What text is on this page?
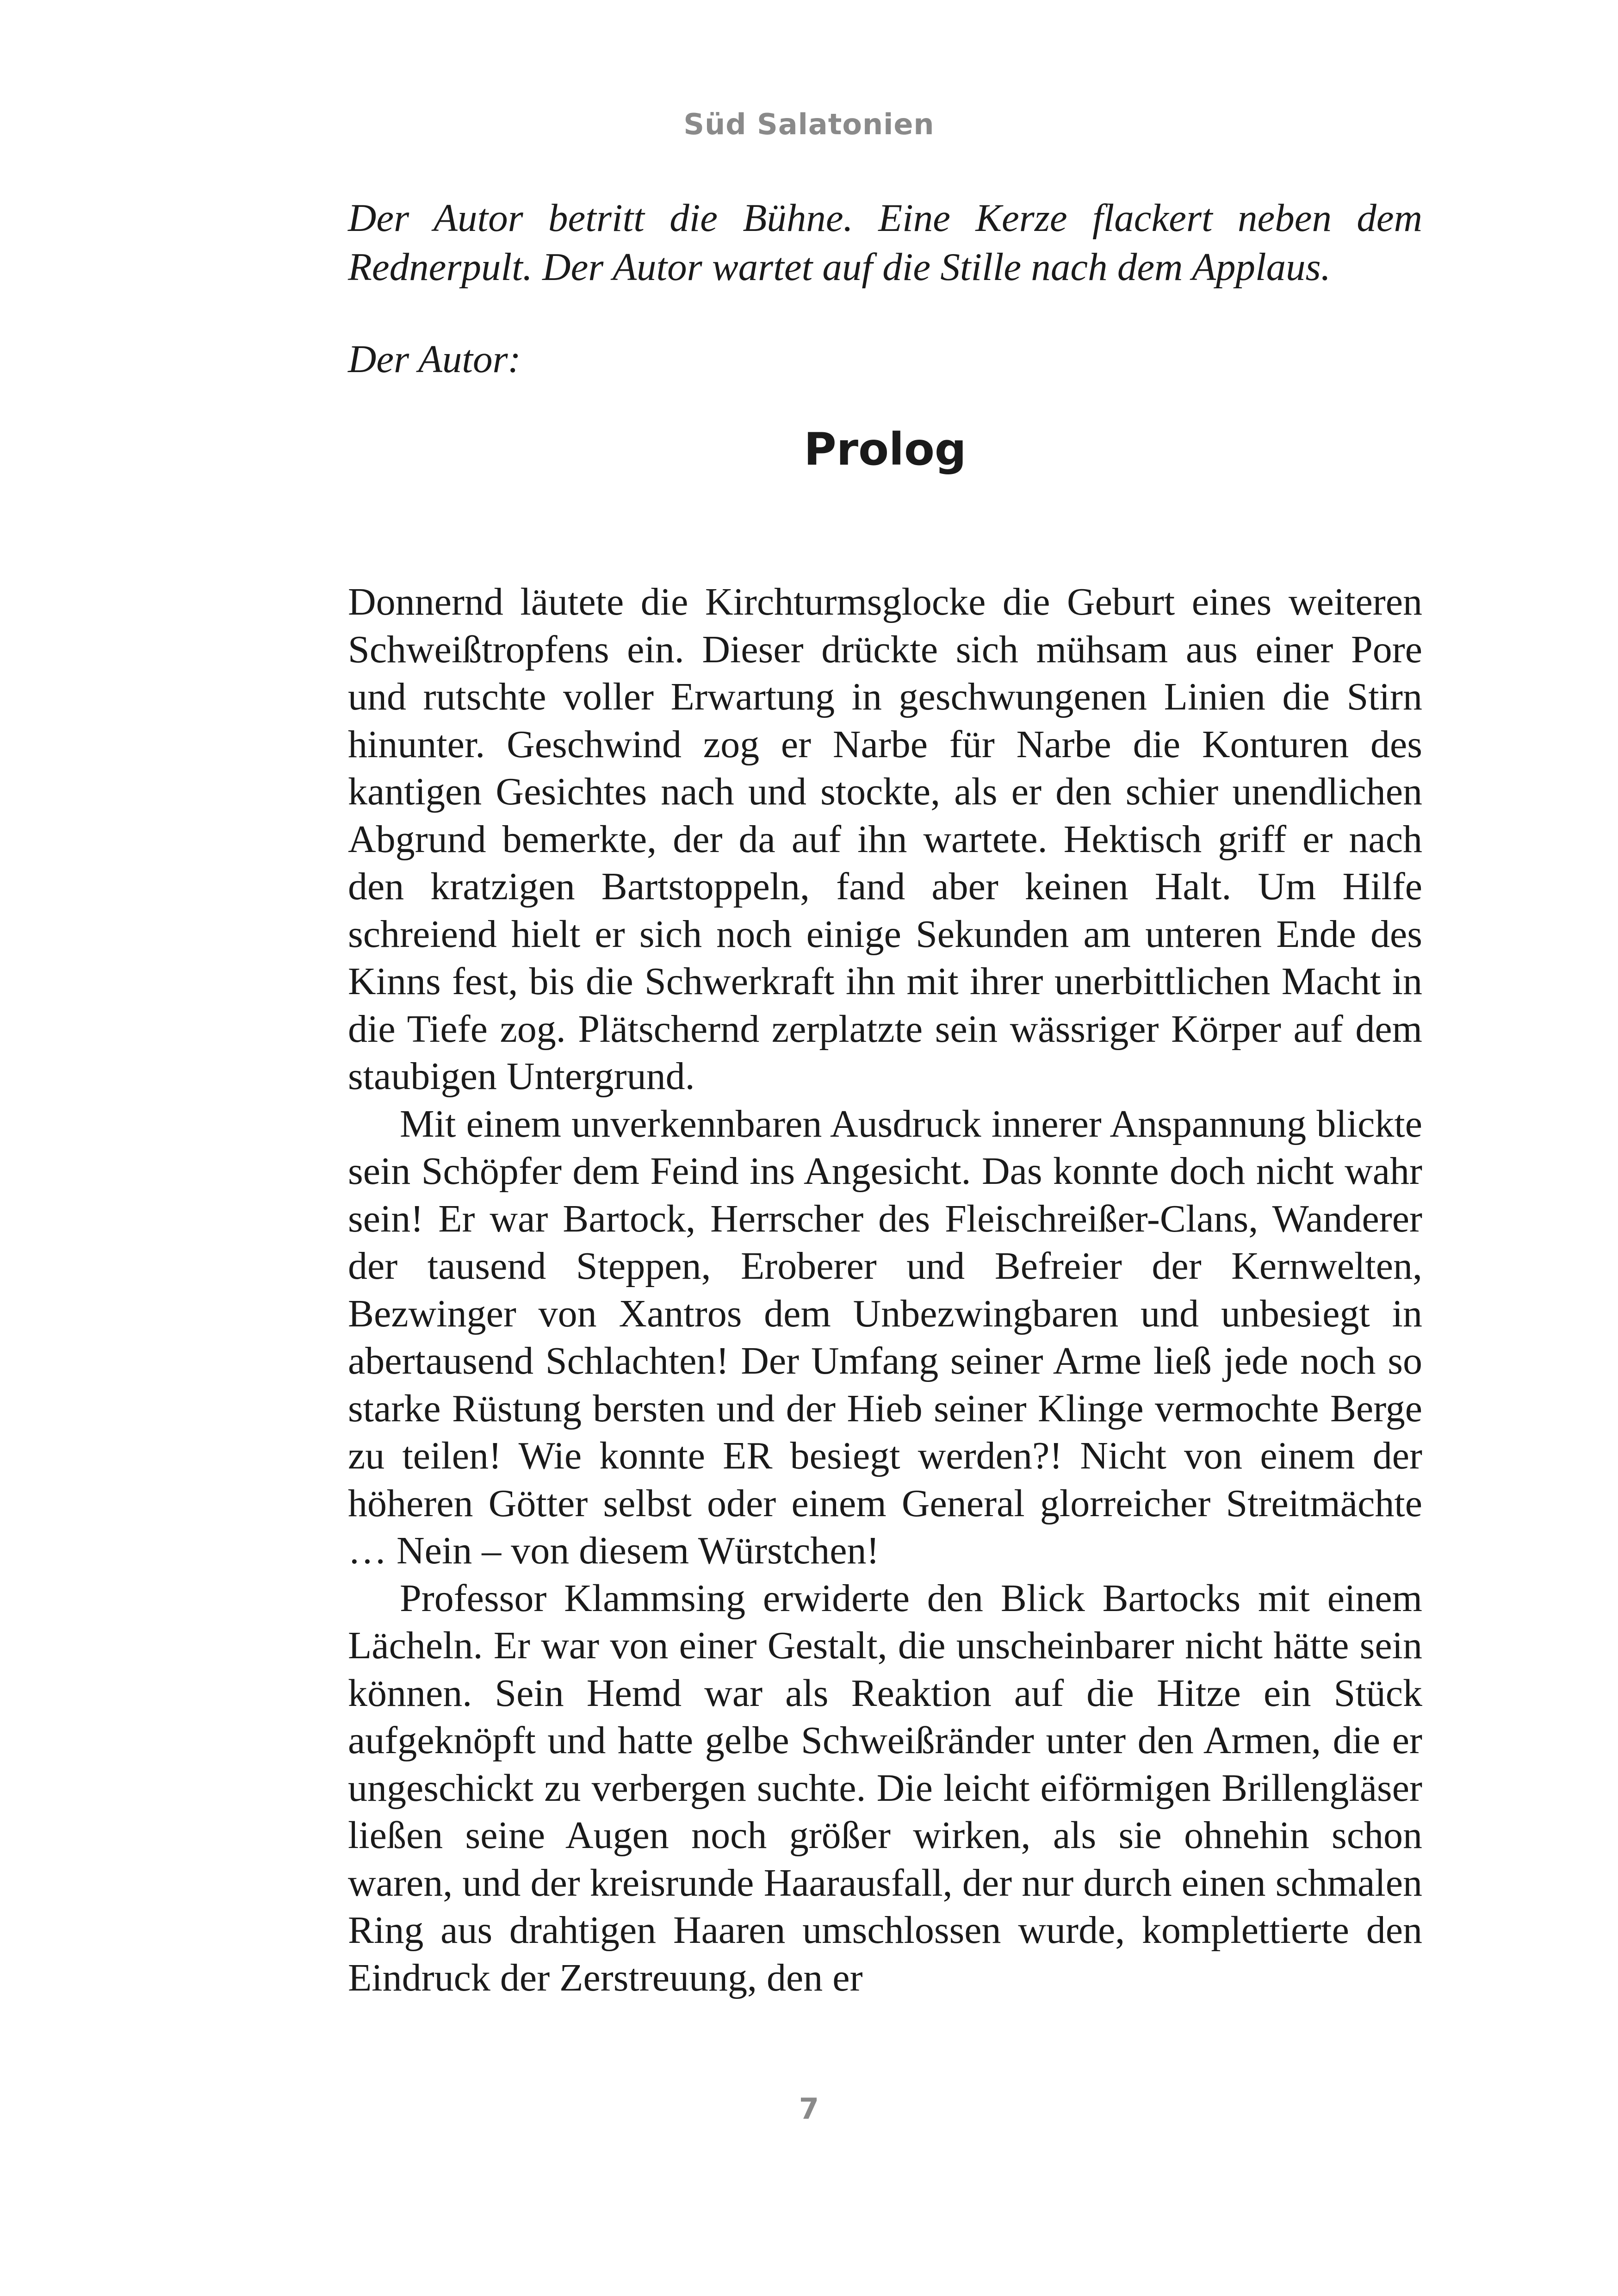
Süd Salatonien

Der Autor betritt die Bühne. Eine Kerze flackert neben dem Rednerpult. Der Autor wartet auf die Stille nach dem Applaus.

Der Autor:

Prolog

Donnernd läutete die Kirchturmsglocke die Geburt eines weiteren Schweißtropfens ein. Dieser drückte sich mühsam aus einer Pore und rutschte voller Erwartung in geschwungenen Linien die Stirn hinunter. Geschwind zog er Narbe für Narbe die Konturen des kantigen Gesichtes nach und stockte, als er den schier unendlichen Abgrund bemerkte, der da auf ihn wartete. Hektisch griff er nach den kratzigen Bartstoppeln, fand aber keinen Halt. Um Hilfe schreiend hielt er sich noch einige Sekunden am unteren Ende des Kinns fest, bis die Schwerkraft ihn mit ihrer unerbittlichen Macht in die Tiefe zog. Plätschernd zerplatzte sein wässriger Körper auf dem staubigen Untergrund.

Mit einem unverkennbaren Ausdruck innerer Anspannung blickte sein Schöpfer dem Feind ins Angesicht. Das konnte doch nicht wahr sein! Er war Bartock, Herrscher des Fleischreißer-Clans, Wanderer der tausend Steppen, Eroberer und Befreier der Kernwelten, Bezwinger von Xantros dem Unbezwingbaren und unbesiegt in abertausend Schlachten! Der Umfang seiner Arme ließ jede noch so starke Rüstung bersten und der Hieb seiner Klinge vermochte Berge zu teilen! Wie konnte ER besiegt werden?! Nicht von einem der höheren Götter selbst oder einem General glorreicher Streitmächte … Nein – von diesem Würstchen!

Professor Klammsing erwiderte den Blick Bartocks mit einem Lächeln. Er war von einer Gestalt, die unscheinbarer nicht hätte sein können. Sein Hemd war als Reaktion auf die Hitze ein Stück aufgeknöpft und hatte gelbe Schweißränder unter den Armen, die er ungeschickt zu verbergen suchte. Die leicht eiförmigen Brillengläser ließen seine Augen noch größer wirken, als sie ohnehin schon waren, und der kreisrunde Haarausfall, der nur durch einen schmalen Ring aus drahtigen Haaren umschlossen wurde, komplettierte den Eindruck der Zerstreuung, den er

7
